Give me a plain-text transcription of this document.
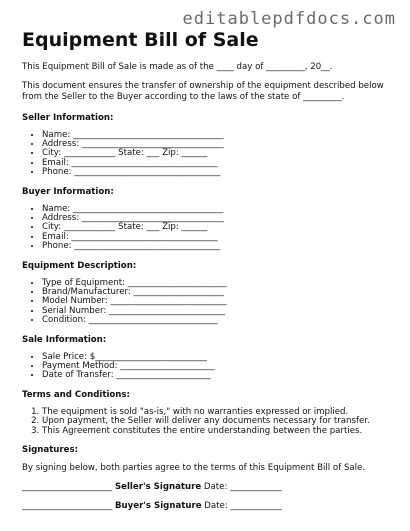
editablepdfdocs.com
Equipment Bill of Sale

This Equipment Bill of Sale is made as of the ____ day of _________, 20__.

This document ensures the transfer of ownership of the equipment described below from the Seller to the Buyer according to the laws of the state of _________.

Seller Information:
• Name: ___________________________________
• Address: _________________________________
• City: ____________ State: ___ Zip: ______
• Email: __________________________________
• Phone: __________________________________
Buyer Information:
• Name: ___________________________________
• Address: _________________________________
• City: ____________ State: ___ Zip: ______
• Email: __________________________________
• Phone: __________________________________
Equipment Description:
• Type of Equipment: _______________________
• Brand/Manufacturer: _____________________
• Model Number: ___________________________
• Serial Number: ___________________________
• Condition: ______________________________
Sale Information:
• Sale Price: $__________________________
• Payment Method: ______________________
• Date of Transfer: ______________________
Terms and Conditions:
1. The equipment is sold "as-is," with no warranties expressed or implied.
2. Upon payment, the Seller will deliver any documents necessary for transfer.
3. This Agreement constitutes the entire understanding between the parties.
Signatures:

By signing below, both parties agree to the terms of this Equipment Bill of Sale.

_____________________ Seller's Signature Date: ____________
_____________________ Buyer's Signature Date: ____________
